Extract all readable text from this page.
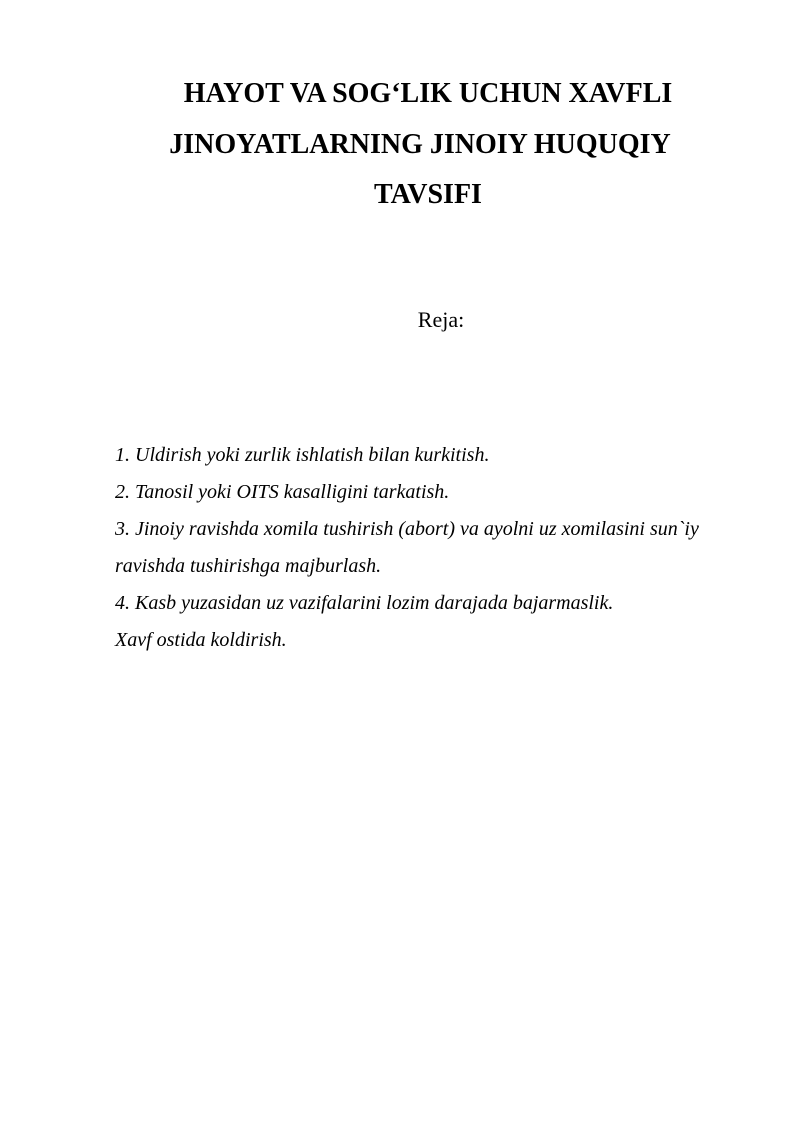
HAYOT VA SOG‘LIK UCHUN XAVFLI
JINOYATLARNING JINOIY HUQUQIY
TAVSIFI
Reja:
1. Uldirish yoki zurlik ishlatish bilan kurkitish.
2. Tanosil yoki OITS kasalligini tarkatish.
3. Jinoiy ravishda xomila tushirish (abort) va ayolni uz xomilasini sun`iy
ravishda tushirishga majburlash.
4. Kasb yuzasidan uz vazifalarini lozim darajada bajarmaslik.
Xavf ostida koldirish.
